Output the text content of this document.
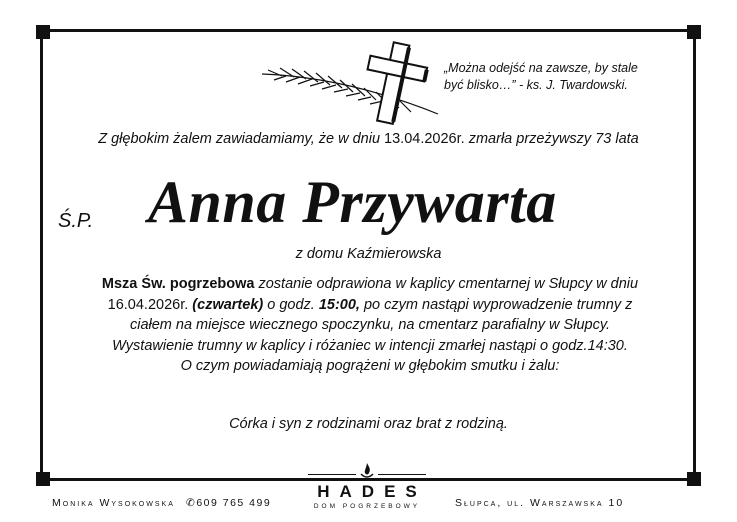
„Można odejść na zawsze, by stale
być blisko…” - ks. J. Twardowski.
Z głębokim żalem zawiadamiamy, że w dniu 13.04.2026r. zmarła przeżywszy 73 lata
Ś.P. Anna Przywarta
z domu Kaźmierowska
Msza Św. pogrzebowa zostanie odprawiona w kaplicy cmentarnej w Słupcy w dniu
16.04.2026r. (czwartek) o godz. 15:00, po czym nastąpi wyprowadzenie trumny z
ciałem na miejsce wiecznego spoczynku, na cmentarz parafialny w Słupcy.
Wystawienie trumny w kaplicy i różaniec w intencji zmarłej nastąpi o godz.14:30.
O czym powiadamiają pogrążeni w głębokim smutku i żalu:
Córka i syn z rodzinami oraz brat z rodziną.
Monika Wysokowska ✆609 765 499	Słupca, ul. Warszawska 10
HADES
DOM POGRZEBOWY
